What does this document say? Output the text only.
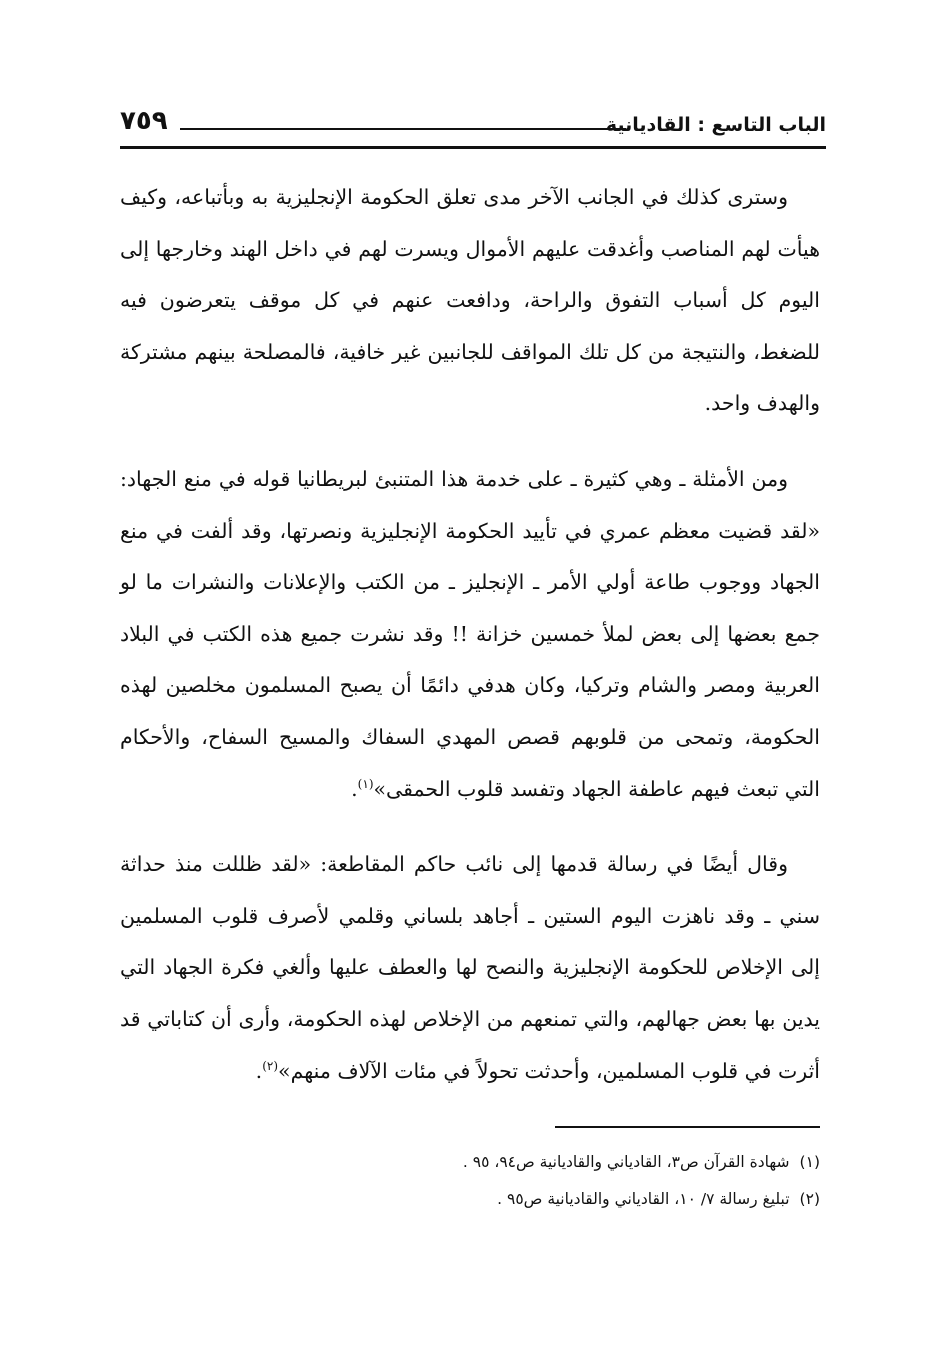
الباب التاسع : القاديانية
٧٥٩

وسترى كذلك في الجانب الآخر مدى تعلق الحكومة الإنجليزية به وبأتباعه، وكيف هيأت لهم المناصب وأغدقت عليهم الأموال ويسرت لهم في داخل الهند وخارجها إلى اليوم كل أسباب التفوق والراحة، ودافعت عنهم في كل موقف يتعرضون فيه للضغط، والنتيجة من كل تلك المواقف للجانبين غير خافية، فالمصلحة بينهم مشتركة والهدف واحد.

ومن الأمثلة ـ وهي كثيرة ـ على خدمة هذا المتنبئ لبريطانيا قوله في منع الجهاد: «لقد قضيت معظم عمري في تأييد الحكومة الإنجليزية ونصرتها، وقد ألفت في منع الجهاد ووجوب طاعة أولي الأمر ـ الإنجليز ـ من الكتب والإعلانات والنشرات ما لو جمع بعضها إلى بعض لملأ خمسين خزانة !! وقد نشرت جميع هذه الكتب في البلاد العربية ومصر والشام وتركيا، وكان هدفي دائمًا أن يصبح المسلمون مخلصين لهذه الحكومة، وتمحى من قلوبهم قصص المهدي السفاك والمسيح السفاح، والأحكام التي تبعث فيهم عاطفة الجهاد وتفسد قلوب الحمقى»$^{(١)}$.

وقال أيضًا في رسالة قدمها إلى نائب حاكم المقاطعة: «لقد ظللت منذ حداثة سني ـ وقد ناهزت اليوم الستين ـ أجاهد بلساني وقلمي لأصرف قلوب المسلمين إلى الإخلاص للحكومة الإنجليزية والنصح لها والعطف عليها وألغي فكرة الجهاد التي يدين بها بعض جهالهم، والتي تمنعهم من الإخلاص لهذه الحكومة، وأرى أن كتاباتي قد أثرت في قلوب المسلمين، وأحدثت تحولاً في مئات الآلاف منهم»$^{(٢)}$.

(١)شهادة القرآن ص٣، القادياني والقاديانية ص٩٤، ٩٥ .
(٢)تبليغ رسالة ٧/ ١٠، القادياني والقاديانية ص٩٥ .
